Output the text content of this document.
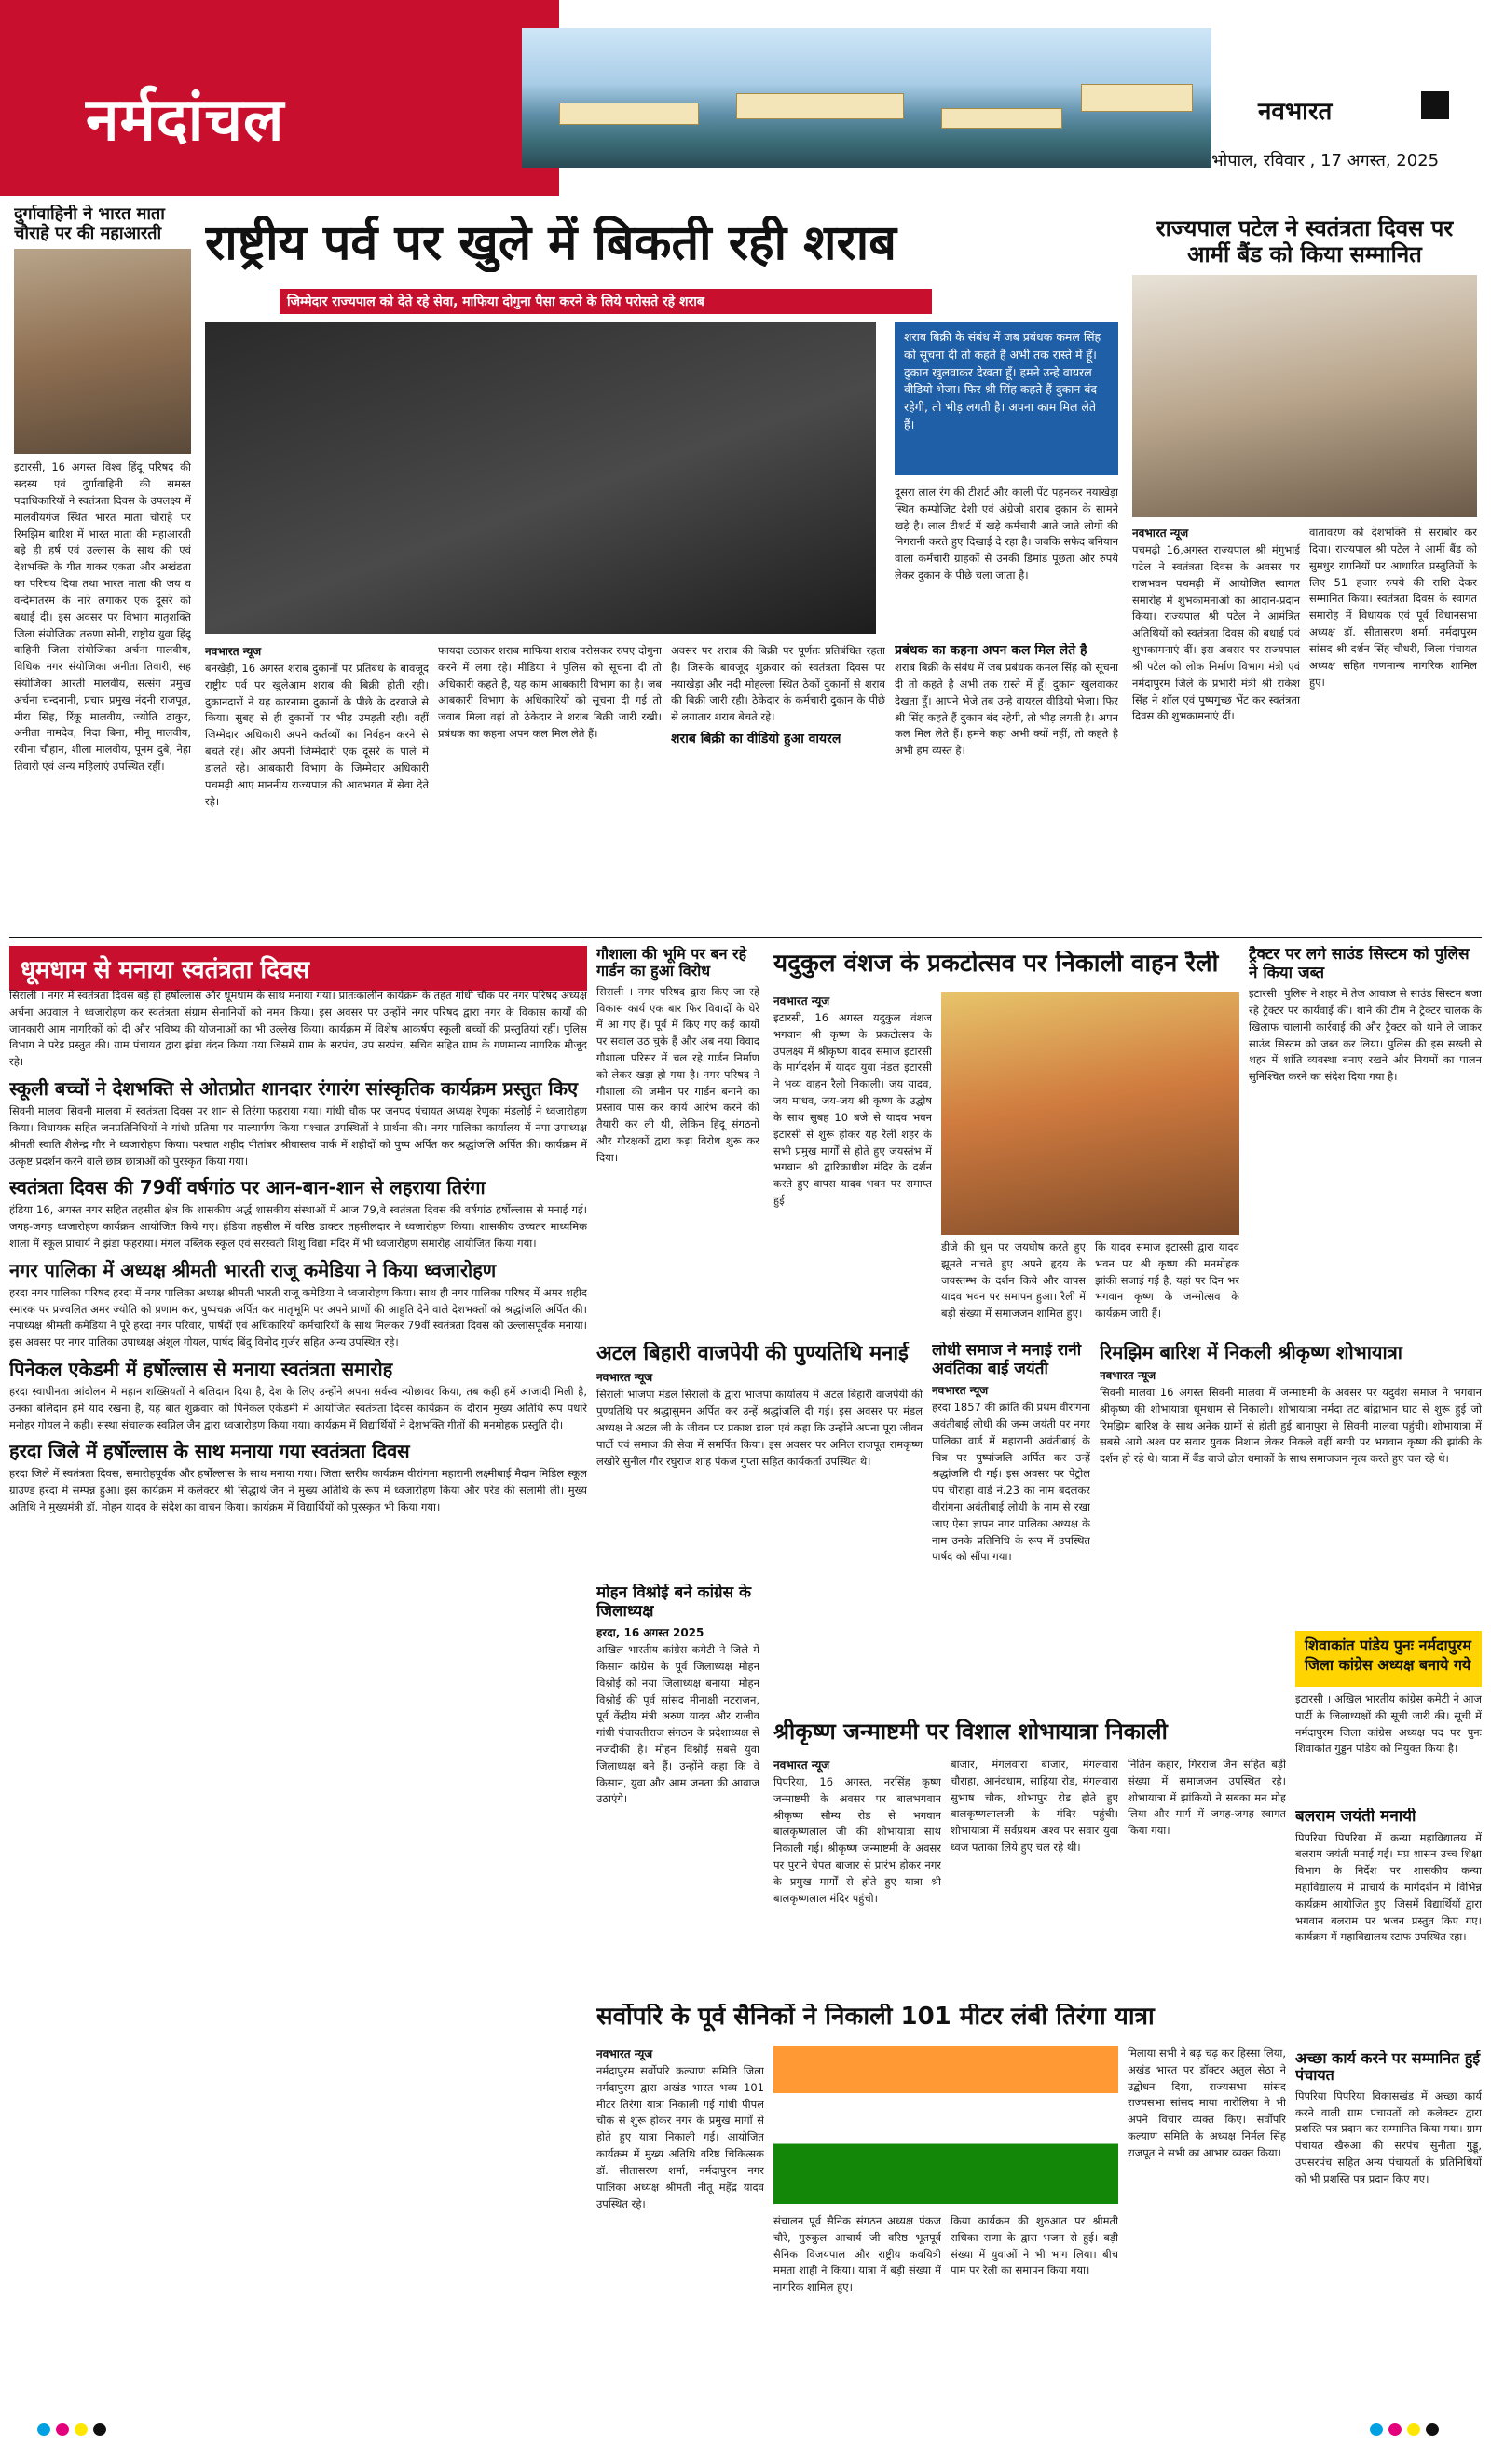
नर्मदांचल	नवभारत
भोपाल, रविवार , 17 अगस्त, 2025
दुर्गावाहिनी ने भारत माता चौराहे पर की महाआरती
इटारसी, 16 अगस्त विश्व हिंदू परिषद की सदस्य एवं दुर्गावाहिनी की समस्त पदाधिकारियों ने स्वतंत्रता दिवस के उपलक्ष्य में मालवीयगंज स्थित भारत माता चौराहे पर रिमझिम बारिश में भारत माता की महाआरती बड़े ही हर्ष एवं उल्लास के साथ की एवं देशभक्ति के गीत गाकर एकता और अखंडता का परिचय दिया तथा भारत माता की जय व वन्देमातरम के नारे लगाकर एक दूसरे को बधाई दी। इस अवसर पर विभाग मातृशक्ति जिला संयोजिका तरुणा सोनी, राष्ट्रीय युवा हिंदू वाहिनी जिला संयोजिका अर्चना मालवीय, विधिक नगर संयोजिका अनीता तिवारी, सह संयोजिका आरती मालवीय, सत्संग प्रमुख अर्चना चन्दनानी, प्रचार प्रमुख नंदनी राजपूत, मीरा सिंह, रिंकू मालवीय, ज्योति ठाकुर, अनीता नामदेव, निदा बिना, मीनू मालवीय, रवीना चौहान, शीला मालवीय, पूनम दुबे, नेहा तिवारी एवं अन्य महिलाएं उपस्थित रहीं।
राष्ट्रीय पर्व पर खुले में बिकती रही शराब
जिम्मेदार राज्यपाल को देते रहे सेवा, माफिया दोगुना पैसा करने के लिये परोसते रहे शराब
शराब बिक्री के संबंध में जब प्रबंधक कमल सिंह को सूचना दी तो कहते है अभी तक रास्ते में हूँ। दुकान खुलवाकर देखता हूँ। हमने उन्हे वायरल वीडियो भेजा। फिर श्री सिंह कहते हैं दुकान बंद रहेगी, तो भीड़ लगती है। अपना काम मिल लेते हैं।
दूसरा लाल रंग की टीशर्ट और काली पेंट पहनकर नयाखेड़ा स्थित कम्पोजिट देशी एवं अंग्रेजी शराब दुकान के सामने खड़े है। लाल टीशर्ट में खड़े कर्मचारी आते जाते लोगों की निगरानी करते हुए दिखाई दे रहा है। जबकि सफेद बनियान वाला कर्मचारी ग्राहकों से उनकी डिमांड पूछता और रुपये लेकर दुकान के पीछे चला जाता है।
नवभारत न्यूज
बनखेड़ी, 16 अगस्त शराब दुकानों पर प्रतिबंध के बावजूद राष्ट्रीय पर्व पर खुलेआम शराब की बिक्री होती रही। दुकानदारों ने यह कारनामा दुकानों के पीछे के दरवाजे से किया। सुबह से ही दुकानों पर भीड़ उमड़ती रही। वहीं जिम्मेदार अधिकारी अपने कर्तव्यों का निर्वहन करने से बचते रहे। और अपनी जिम्मेदारी एक दूसरे के पाले में डालते रहे। आबकारी विभाग के जिम्मेदार अधिकारी पचमढ़ी आए माननीय राज्यपाल की आवभगत में सेवा देते रहे।
फायदा उठाकर शराब माफिया शराब परोसकर रुपए दोगुना करने में लगा रहे। मीडिया ने पुलिस को सूचना दी तो अधिकारी कहते है, यह काम आबकारी विभाग का है। जब आबकारी विभाग के अधिकारियों को सूचना दी गई तो जवाब मिला वहां तो ठेकेदार ने शराब बिक्री जारी रखी। प्रबंधक का कहना अपन कल मिल लेते हैं।
अवसर पर शराब की बिक्री पर पूर्णतः प्रतिबंधित रहता है। जिसके बावजूद शुक्रवार को स्वतंत्रता दिवस पर नयाखेड़ा और नदी मोहल्ला स्थित ठेकों दुकानों से शराब की बिक्री जारी रही। ठेकेदार के कर्मचारी दुकान के पीछे से लगातार शराब बेचते रहे।
शराब बिक्री का वीडियो हुआ वायरल
प्रबंधक का कहना अपन कल मिल लेते है
शराब बिक्री के संबंध में जब प्रबंधक कमल सिंह को सूचना दी तो कहते है अभी तक रास्ते में हूँ। दुकान खुलवाकर देखता हूँ। आपने भेजे तब उन्हे वायरल वीडियो भेजा। फिर श्री सिंह कहते हैं दुकान बंद रहेगी, तो भीड़ लगती है। अपन कल मिल लेते हैं। हमने कहा अभी क्यों नहीं, तो कहते है अभी हम व्यस्त है।
राज्यपाल पटेल ने स्वतंत्रता दिवस पर आर्मी बैंड को किया सम्मानित
नवभारत न्यूज
पचमढ़ी 16,अगस्त राज्यपाल श्री मंगुभाई पटेल ने स्वतंत्रता दिवस के अवसर पर राजभवन पचमढ़ी में आयोजित स्वागत समारोह में शुभकामनाओं का आदान-प्रदान किया। राज्यपाल श्री पटेल ने आमंत्रित अतिथियों को स्वतंत्रता दिवस की बधाई एवं शुभकामनाएं दीं। इस अवसर पर राज्यपाल श्री पटेल को लोक निर्माण विभाग मंत्री एवं नर्मदापुरम जिले के प्रभारी मंत्री श्री राकेश सिंह ने शॉल एवं पुष्पगुच्छ भेंट कर स्वतंत्रता दिवस की शुभकामनाएं दीं।
वातावरण को देशभक्ति से सराबोर कर दिया। राज्यपाल श्री पटेल ने आर्मी बैंड को सुमधुर रागनियों पर आधारित प्रस्तुतियों के लिए 51 हजार रुपये की राशि देकर सम्मानित किया। स्वतंत्रता दिवस के स्वागत समारोह में विधायक एवं पूर्व विधानसभा अध्यक्ष डॉ. सीतासरण शर्मा, नर्मदापुरम सांसद श्री दर्शन सिंह चौधरी, जिला पंचायत अध्यक्ष सहित गणमान्य नागरिक शामिल हुए।
धूमधाम से मनाया स्वतंत्रता दिवस
सिराली । नगर में स्वतंत्रता दिवस बड़े ही हर्षोल्लास और धूमधाम के साथ मनाया गया। प्रातःकालीन कार्यक्रम के तहत गांधी चौक पर नगर परिषद अध्यक्ष अर्चना अग्रवाल ने ध्वजारोहण कर स्वतंत्रता संग्राम सेनानियों को नमन किया। इस अवसर पर उन्होंने नगर परिषद द्वारा नगर के विकास कार्यों की जानकारी आम नागरिकों को दी और भविष्य की योजनाओं का भी उल्लेख किया। कार्यक्रम में विशेष आकर्षण स्कूली बच्चों की प्रस्तुतियां रहीं। पुलिस विभाग ने परेड प्रस्तुत की। ग्राम पंचायत द्वारा झंडा वंदन किया गया जिसमें ग्राम के सरपंच, उप सरपंच, सचिव सहित ग्राम के गणमान्य नागरिक मौजूद रहे।
स्कूली बच्चों ने देशभक्ति से ओतप्रोत शानदार रंगारंग सांस्कृतिक कार्यक्रम प्रस्तुत किए
सिवनी मालवा सिवनी मालवा में स्वतंत्रता दिवस पर शान से तिरंगा फहराया गया। गांधी चौक पर जनपद पंचायत अध्यक्ष रेणुका मंडलोई ने ध्वजारोहण किया। विधायक सहित जनप्रतिनिधियों ने गांधी प्रतिमा पर माल्यार्पण किया पश्चात उपस्थितों ने प्रार्थना की। नगर पालिका कार्यालय में नपा उपाध्यक्ष श्रीमती स्वाति शैलेन्द्र गौर ने ध्वजारोहण किया। पश्चात शहीद पीतांबर श्रीवास्तव पार्क में शहीदों को पुष्प अर्पित कर श्रद्धांजलि अर्पित की। कार्यक्रम में उत्कृष्ट प्रदर्शन करने वाले छात्र छात्राओं को पुरस्कृत किया गया।
स्वतंत्रता दिवस की 79वीं वर्षगांठ पर आन-बान-शान से लहराया तिरंगा
हंडिया 16, अगस्त नगर सहित तहसील क्षेत्र कि शासकीय अर्द्ध शासकीय संस्थाओं में आज 79,वे स्वतंत्रता दिवस की वर्षगांठ हर्षोल्लास से मनाई गई। जगह-जगह ध्वजारोहण कार्यक्रम आयोजित किये गए। हंडिया तहसील में वरिष्ठ डाक्टर तहसीलदार ने ध्वजारोहण किया। शासकीय उच्चतर माध्यमिक शाला में स्कूल प्राचार्य ने झंडा फहराया। मंगल पब्लिक स्कूल एवं सरस्वती शिशु विद्या मंदिर में भी ध्वजारोहण समारोह आयोजित किया गया।
नगर पालिका में अध्यक्ष श्रीमती भारती राजू कमेडिया ने किया ध्वजारोहण
हरदा नगर पालिका परिषद हरदा में नगर पालिका अध्यक्ष श्रीमती भारती राजू कमेडिया ने ध्वजारोहण किया। साथ ही नगर पालिका परिषद में अमर शहीद स्मारक पर प्रज्वलित अमर ज्योति को प्रणाम कर, पुष्पचक्र अर्पित कर मातृभूमि पर अपने प्राणों की आहुति देने वाले देशभक्तों को श्रद्धांजलि अर्पित की। नपाध्यक्ष श्रीमती कमेडिया ने पूरे हरदा नगर परिवार, पार्षदों एवं अधिकारियों कर्मचारियों के साथ मिलकर 79वीं स्वतंत्रता दिवस को उल्लासपूर्वक मनाया। इस अवसर पर नगर पालिका उपाध्यक्ष अंशुल गोयल, पार्षद बिंदु विनोद गुर्जर सहित अन्य उपस्थित रहे।
पिनेकल एकेडमी में हर्षोल्लास से मनाया स्वतंत्रता समारोह
हरदा स्वाधीनता आंदोलन में महान शख्सियतों ने बलिदान दिया है, देश के लिए उन्होंने अपना सर्वस्व न्योछावर किया, तब कहीं हमें आजादी मिली है, उनका बलिदान हमें याद रखना है, यह बात शुक्रवार को पिनेकल एकेडमी में आयोजित स्वतंत्रता दिवस कार्यक्रम के दौरान मुख्य अतिथि रूप पधारे मनोहर गोयल ने कही। संस्था संचालक स्वप्निल जैन द्वारा ध्वजारोहण किया गया। कार्यक्रम में विद्यार्थियों ने देशभक्ति गीतों की मनमोहक प्रस्तुति दी।
हरदा जिले में हर्षोल्लास के साथ मनाया गया स्वतंत्रता दिवस
हरदा जिले में स्वतंत्रता दिवस, समारोहपूर्वक और हर्षोल्लास के साथ मनाया गया। जिला स्तरीय कार्यक्रम वीरांगना महारानी लक्ष्मीबाई मैदान मिडिल स्कूल ग्राउण्ड हरदा में सम्पन्न हुआ। इस कार्यक्रम में कलेक्टर श्री सिद्धार्थ जैन ने मुख्य अतिथि के रूप में ध्वजारोहण किया और परेड की सलामी ली। मुख्य अतिथि ने मुख्यमंत्री डॉ. मोहन यादव के संदेश का वाचन किया। कार्यक्रम में विद्यार्थियों को पुरस्कृत भी किया गया।
गौशाला की भूमि पर बन रहे गार्डन का हुआ विरोध
सिराली । नगर परिषद द्वारा किए जा रहे विकास कार्य एक बार फिर विवादों के घेरे में आ गए हैं। पूर्व में किए गए कई कार्यों पर सवाल उठ चुके हैं और अब नया विवाद गौशाला परिसर में चल रहे गार्डन निर्माण को लेकर खड़ा हो गया है। नगर परिषद ने गौशाला की जमीन पर गार्डन बनाने का प्रस्ताव पास कर कार्य आरंभ करने की तैयारी कर ली थी, लेकिन हिंदू संगठनों और गौरक्षकों द्वारा कड़ा विरोध शुरू कर दिया।
यदुकुल वंशज के प्रकटोत्सव पर निकाली वाहन रैली
नवभारत न्यूज
इटारसी, 16 अगस्त यदुकुल वंशज भगवान श्री कृष्ण के प्रकटोत्सव के उपलक्ष्य में श्रीकृष्ण यादव समाज इटारसी के मार्गदर्शन में यादव युवा मंडल इटारसी ने भव्य वाहन रैली निकाली। जय यादव, जय माधव, जय-जय श्री कृष्ण के उद्घोष के साथ सुबह 10 बजे से यादव भवन इटारसी से शुरू होकर यह रैली शहर के सभी प्रमुख मार्गों से होते हुए जयस्तंभ में भगवान श्री द्वारिकाधीश मंदिर के दर्शन करते हुए वापस यादव भवन पर समाप्त हुई।
डीजे की धुन पर जयघोष करते हुए झूमते नाचते हुए अपने हृदय के जयस्तम्भ के दर्शन किये और वापस यादव भवन पर समापन हुआ। रैली में बड़ी संख्या में समाजजन शामिल हुए।
कि यादव समाज इटारसी द्वारा यादव भवन पर श्री कृष्ण की मनमोहक झांकी सजाई गई है, यहां पर दिन भर भगवान कृष्ण के जन्मोत्सव के कार्यक्रम जारी हैं।
ट्रैक्टर पर लगे साउंड सिस्टम को पुलिस ने किया जब्त
इटारसी। पुलिस ने शहर में तेज आवाज से साउंड सिस्टम बजा रहे ट्रैक्टर पर कार्यवाई की। थाने की टीम ने ट्रैक्टर चालक के खिलाफ चालानी कार्रवाई की और ट्रैक्टर को थाने ले जाकर साउंड सिस्टम को जब्त कर लिया। पुलिस की इस सख्ती से शहर में शांति व्यवस्था बनाए रखने और नियमों का पालन सुनिश्चित करने का संदेश दिया गया है।
अटल बिहारी वाजपेयी की पुण्यतिथि मनाई
नवभारत न्यूज
सिराली भाजपा मंडल सिराली के द्वारा भाजपा कार्यालय में अटल बिहारी वाजपेयी की पुण्यतिथि पर श्रद्धासुमन अर्पित कर उन्हें श्रद्धांजलि दी गई। इस अवसर पर मंडल अध्यक्ष ने अटल जी के जीवन पर प्रकाश डाला एवं कहा कि उन्होंने अपना पूरा जीवन पार्टी एवं समाज की सेवा में समर्पित किया। इस अवसर पर अनिल राजपूत रामकृष्ण लखोरे सुनील गौर रघुराज शाह पंकज गुप्ता सहित कार्यकर्ता उपस्थित थे।
मोहन विश्नोई बने कांग्रेस के जिलाध्यक्ष
हरदा, 16 अगस्त 2025
अखिल भारतीय कांग्रेस कमेटी ने जिले में किसान कांग्रेस के पूर्व जिलाध्यक्ष मोहन विश्नोई को नया जिलाध्यक्ष बनाया। मोहन विश्नोई की पूर्व सांसद मीनाक्षी नटराजन, पूर्व केंद्रीय मंत्री अरुण यादव और राजीव गांधी पंचायतीराज संगठन के प्रदेशाध्यक्ष से नजदीकी है। मोहन विश्नोई सबसे युवा जिलाध्यक्ष बने हैं। उन्होंने कहा कि वे किसान, युवा और आम जनता की आवाज उठाएंगे।
लोधी समाज ने मनाई रानी अवंतिका बाई जयंती
नवभारत न्यूज
हरदा 1857 की क्रांति की प्रथम वीरांगना अवंतीबाई लोधी की जन्म जयंती पर नगर पालिका वार्ड में महारानी अवंतीबाई के चित्र पर पुष्पांजलि अर्पित कर उन्हें श्रद्धांजलि दी गई। इस अवसर पर पेट्रोल पंप चौराहा वार्ड नं.23 का नाम बदलकर वीरांगना अवंतीबाई लोधी के नाम से रखा जाए ऐसा ज्ञापन नगर पालिका अध्यक्ष के नाम उनके प्रतिनिधि के रूप में उपस्थित पार्षद को सौंपा गया।
रिमझिम बारिश में निकली श्रीकृष्ण शोभायात्रा
नवभारत न्यूज
सिवनी मालवा 16 अगस्त सिवनी मालवा में जन्माष्टमी के अवसर पर यदुवंश समाज ने भगवान श्रीकृष्ण की शोभायात्रा धूमधाम से निकाली। शोभायात्रा नर्मदा तट बांद्राभान घाट से शुरू हुई जो रिमझिम बारिश के साथ अनेक ग्रामों से होती हुई बानापुरा से सिवनी मालवा पहुंची। शोभायात्रा में सबसे आगे अश्व पर सवार युवक निशान लेकर निकले वहीं बग्घी पर भगवान कृष्ण की झांकी के दर्शन हो रहे थे। यात्रा में बैंड बाजे ढोल धमाकों के साथ समाजजन नृत्य करते हुए चल रहे थे।
शिवाकांत पांडेय पुनः नर्मदापुरम जिला कांग्रेस अध्यक्ष बनाये गये
इटारसी । अखिल भारतीय कांग्रेस कमेटी ने आज पार्टी के जिलाध्यक्षों की सूची जारी की। सूची में नर्मदापुरम जिला कांग्रेस अध्यक्ष पद पर पुनः शिवाकांत गुड्डन पांडेय को नियुक्त किया है।
श्रीकृष्ण जन्माष्टमी पर विशाल शोभायात्रा निकाली
नवभारत न्यूज
पिपरिया, 16 अगस्त, नरसिंह कृष्ण जन्माष्टमी के अवसर पर बालभगवान श्रीकृष्ण सौम्य रोड से भगवान बालकृष्णलाल जी की शोभायात्रा साथ निकाली गई। श्रीकृष्ण जन्माष्टमी के अवसर पर पुराने चेपल बाजार से प्रारंभ होकर नगर के प्रमुख मार्गों से होते हुए यात्रा श्री बालकृष्णलाल मंदिर पहुंची।
बाजार, मंगलवारा बाजार, मंगलवारा चौराहा, आनंदधाम, साहिया रोड, मंगलवारा सुभाष चौक, शोभापुर रोड होते हुए बालकृष्णलालजी के मंदिर पहुंची। शोभायात्रा में सर्वप्रथम अश्व पर सवार युवा ध्वज पताका लिये हुए चल रहे थी।
नितिन कहार, गिरराज जैन सहित बड़ी संख्या में समाजजन उपस्थित रहे। शोभायात्रा में झांकियों ने सबका मन मोह लिया और मार्ग में जगह-जगह स्वागत किया गया।
बलराम जयंती मनायी
पिपरिया पिपरिया में कन्या महाविद्यालय में बलराम जयंती मनाई गई। मप्र शासन उच्च शिक्षा विभाग के निर्देश पर शासकीय कन्या महाविद्यालय में प्राचार्य के मार्गदर्शन में विभिन्न कार्यक्रम आयोजित हुए। जिसमें विद्यार्थियों द्वारा भगवान बलराम पर भजन प्रस्तुत किए गए। कार्यक्रम में महाविद्यालय स्टाफ उपस्थित रहा।
अच्छा कार्य करने पर सम्मानित हुई पंचायत
पिपरिया पिपरिया विकासखंड में अच्छा कार्य करने वाली ग्राम पंचायतों को कलेक्टर द्वारा प्रशस्ति पत्र प्रदान कर सम्मानित किया गया। ग्राम पंचायत खैरुआ की सरपंच सुनीता गुड्डू, उपसरपंच सहित अन्य पंचायतों के प्रतिनिधियों को भी प्रशस्ति पत्र प्रदान किए गए।
सर्वोपरि के पूर्व सैनिकों ने निकाली 101 मीटर लंबी तिरंगा यात्रा
नवभारत न्यूज
नर्मदापुरम सर्वोपरि कल्याण समिति जिला नर्मदापुरम द्वारा अखंड भारत भव्य 101 मीटर तिरंगा यात्रा निकाली गई गांधी पीपल चौक से शुरू होकर नगर के प्रमुख मार्गों से होते हुए यात्रा निकाली गई। आयोजित कार्यक्रम में मुख्य अतिथि वरिष्ठ चिकित्सक डॉ. सीतासरण शर्मा, नर्मदापुरम नगर पालिका अध्यक्ष श्रीमती नीतू महेंद्र यादव उपस्थित रहे।
संचालन पूर्व सैनिक संगठन अध्यक्ष पंकज चौरे, गुरुकुल आचार्य जी वरिष्ठ भूतपूर्व सैनिक विजयपाल और राष्ट्रीय कवयित्री ममता शाही ने किया। यात्रा में बड़ी संख्या में नागरिक शामिल हुए।
किया कार्यक्रम की शुरुआत पर श्रीमती राधिका राणा के द्वारा भजन से हुई। बड़ी संख्या में युवाओं ने भी भाग लिया। बीच पाम पर रैली का समापन किया गया।
मिलाया सभी ने बढ़ चढ़ कर हिस्सा लिया, अखंड भारत पर डॉक्टर अतुल सेठा ने उद्बोधन दिया, राज्यसभा सांसद राज्यसभा सांसद माया नारोलिया ने भी अपने विचार व्यक्त किए। सर्वोपरि कल्याण समिति के अध्यक्ष निर्मल सिंह राजपूत ने सभी का आभार व्यक्त किया।
